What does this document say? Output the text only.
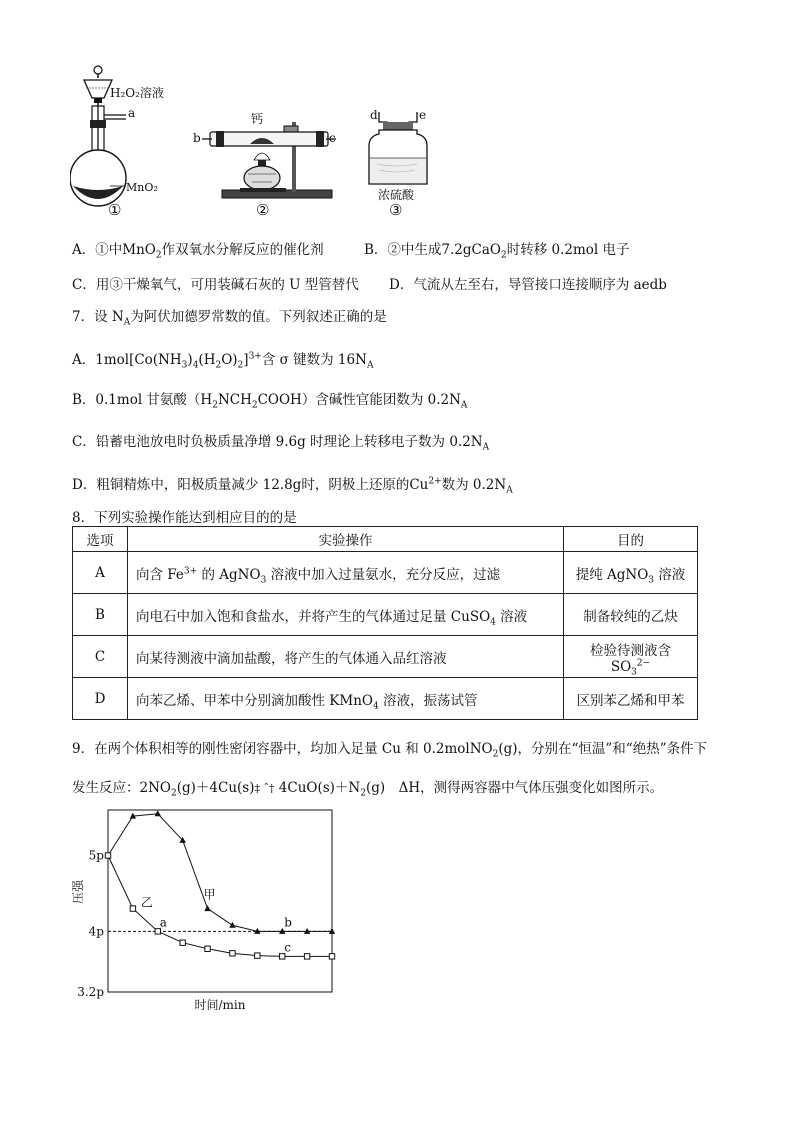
H₂O₂溶液
a
MnO₂
①
钙
b	c
②
d	e
浓硫酸
③
A．①中MnO$_2$作双氧水分解反应的催化剂	B．②中生成7.2gCaO$_2$时转移 0.2mol 电子
C．用③干燥氧气，可用装碱石灰的 U 型管替代 D．气流从左至右，导管接口连接顺序为 aedb
7．设 $N_A$为阿伏加德罗常数的值。下列叙述正确的是
A．$1mol[Co(NH_3)_4(H_2O)_2]^{3+}$含 σ 键数为 $16N_A$
B．0.1mol 甘氨酸$(H_2NCH_2COOH)$含碱性官能团数为 $0.2N_A$
C．铅蓄电池放电时负极质量净增 9.6g 时理论上转移电子数为 $0.2N_A$
D．粗铜精炼中，阳极质量减少 12.8g时，阴极上还原的$Cu^{2+}$数为 $0.2N_A$
8．下列实验操作能达到相应目的的是
选项	实验操作	目的
A	向含 $Fe^{3+}$ 的 AgNO$_3$ 溶液中加入过量氨水，充分反应，过滤	提纯 AgNO$_3$ 溶液
B	向电石中加入饱和食盐水，并将产生的气体通过足量 CuSO$_4$ 溶液	制备较纯的乙炔
C	向某待测液中滴加盐酸，将产生的气体通入品红溶液	检验待测液含 $SO_3^{2-}$
D	向苯乙烯、甲苯中分别滴加酸性 KMnO$_4$ 溶液，振荡试管	区别苯乙烯和甲苯
9．在两个体积相等的刚性密闭容器中，均加入足量 Cu 和 0.2molNO$_2$(g)，分别在“恒温”和“绝热”条件下
发生反应：$2NO_2(g)+4Cu(s)\ddagger$ ˆ† $4CuO(s)+N_2(g)$　ΔH，测得两容器中气体压强变化如图所示。
5p
4p
3.2p
压强
时间/min
甲
乙
a	b
c
